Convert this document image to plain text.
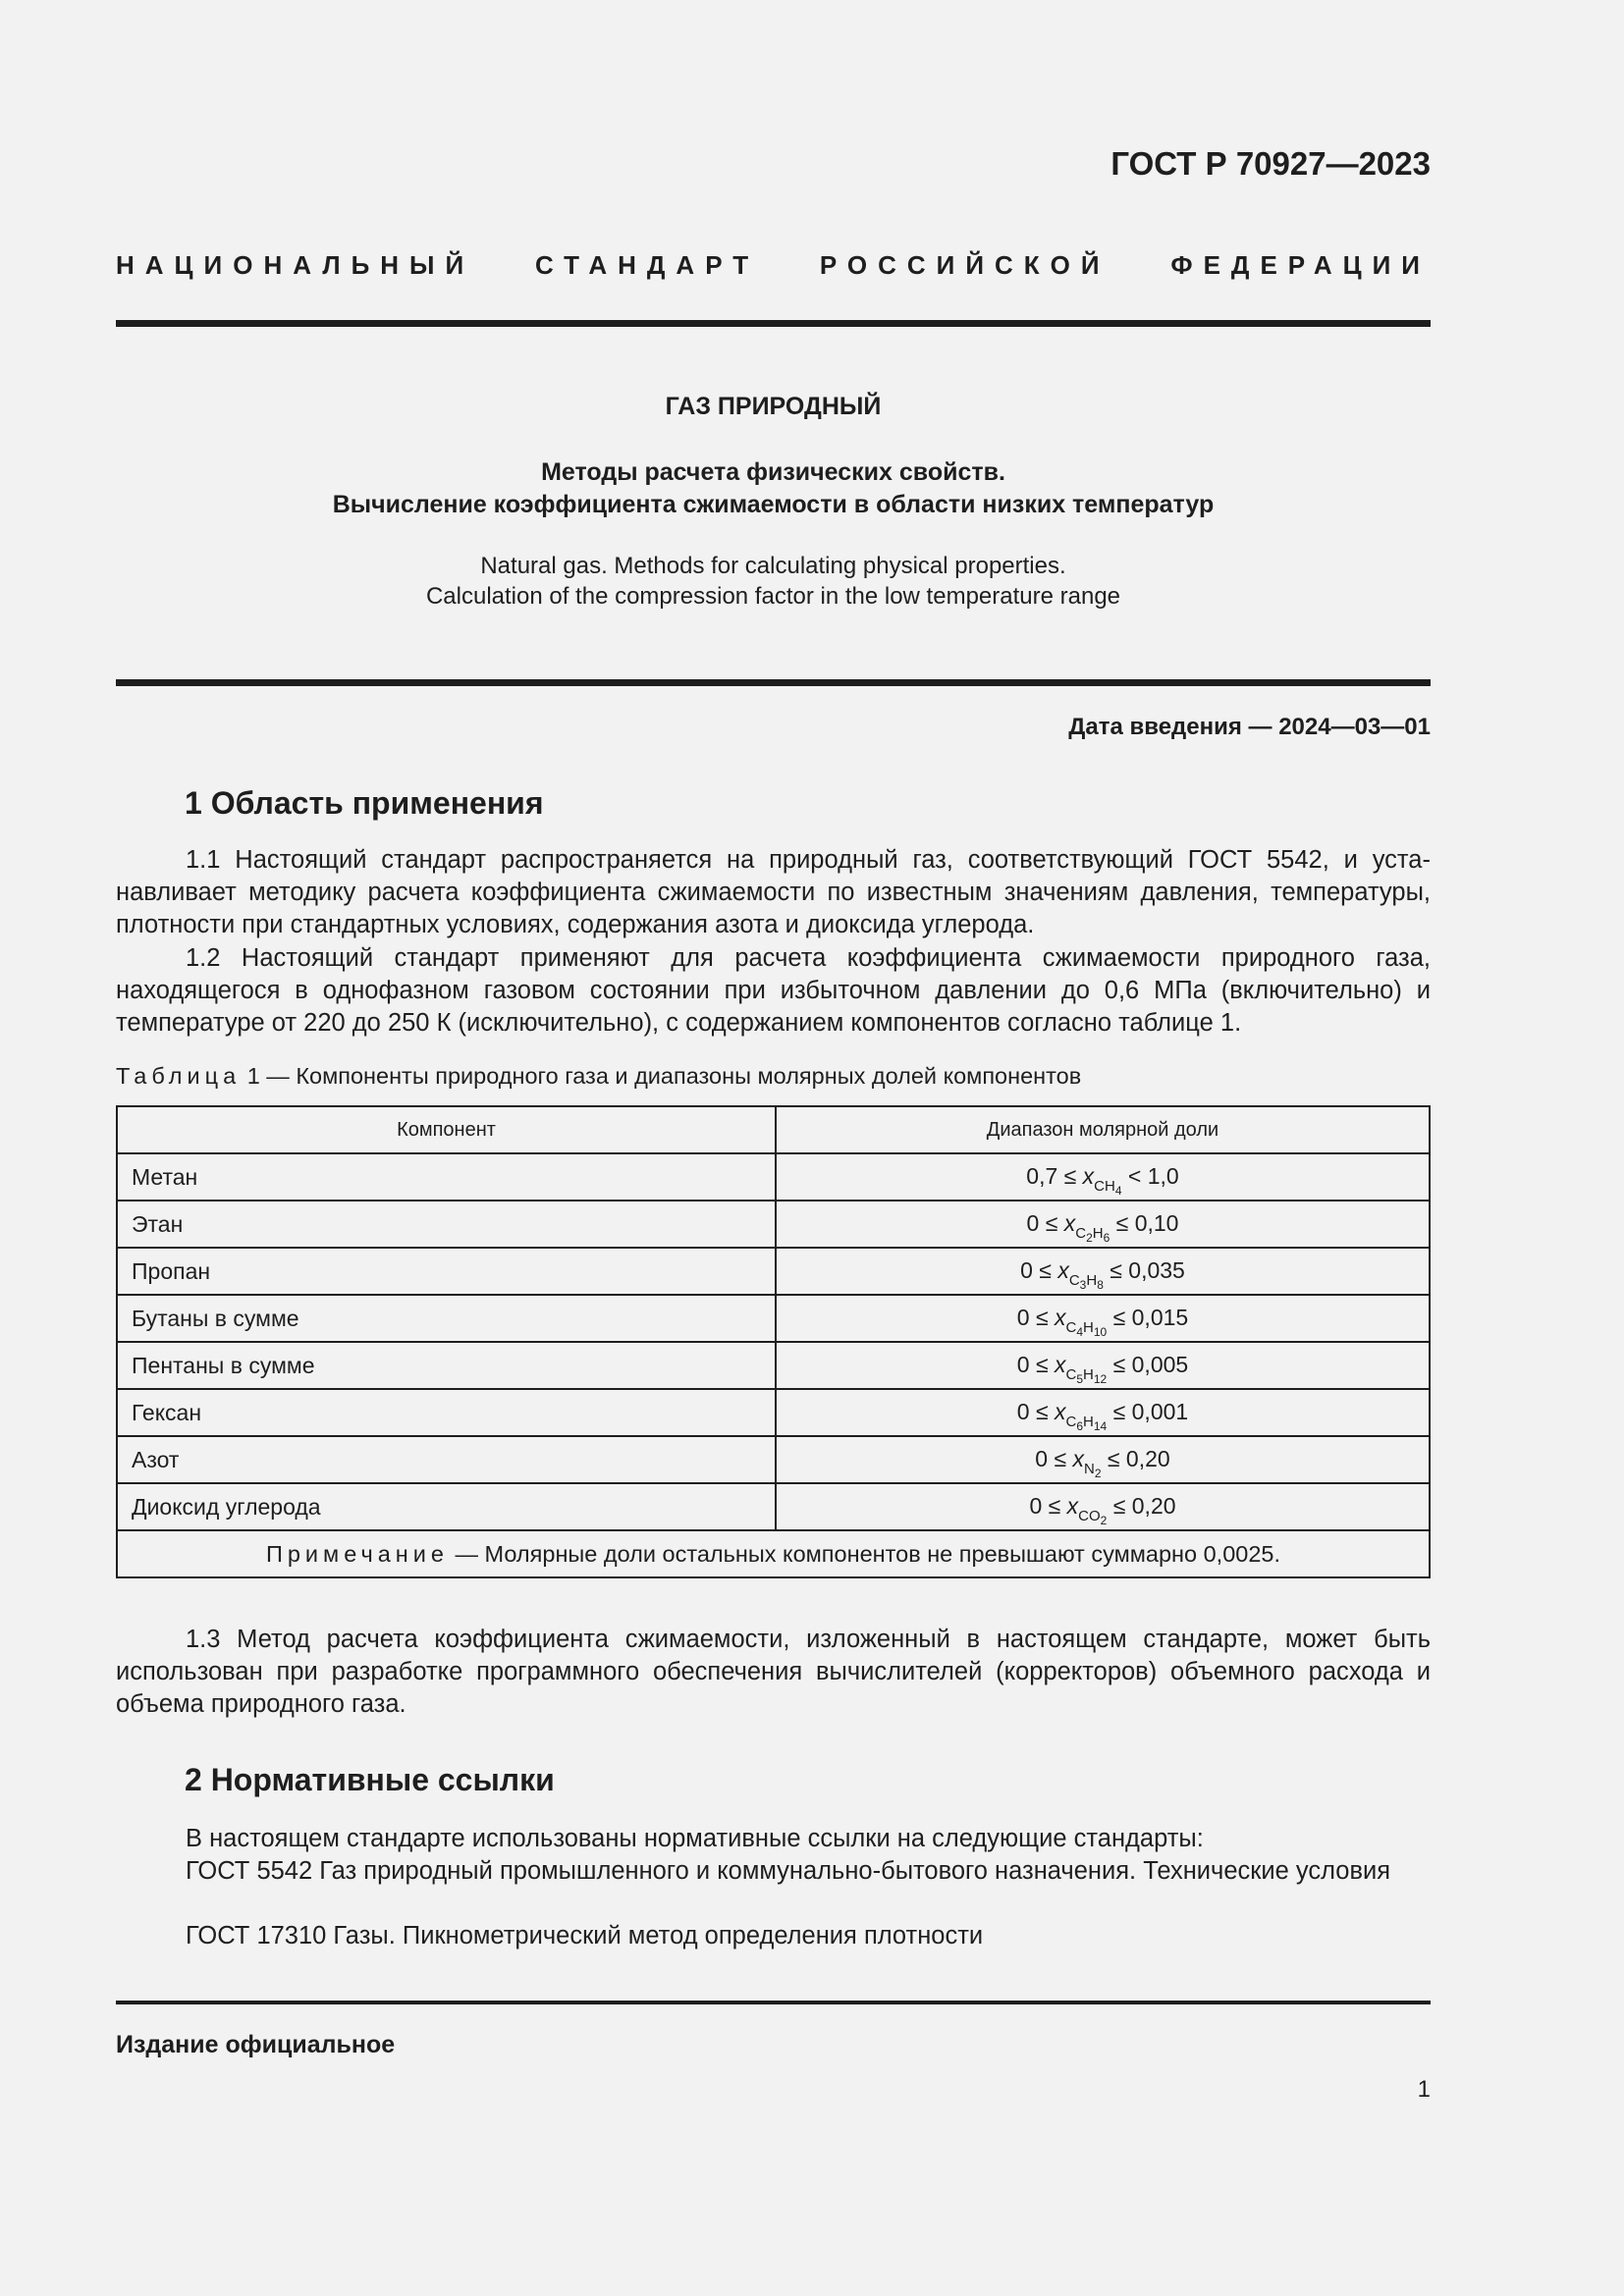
ГОСТ Р 70927—2023
НАЦИОНАЛЬНЫЙ СТАНДАРТ РОССИЙСКОЙ ФЕДЕРАЦИИ
ГАЗ ПРИРОДНЫЙ
Методы расчета физических свойств.
Вычисление коэффициента сжимаемости в области низких температур
Natural gas. Methods for calculating physical properties.
Calculation of the compression factor in the low temperature range
Дата введения — 2024—03—01
1 Область применения
1.1 Настоящий стандарт распространяется на природный газ, соответствующий ГОСТ 5542, и устанавливает методику расчета коэффициента сжимаемости по известным значениям давления, температуры, плотности при стандартных условиях, содержания азота и диоксида углерода.
1.2 Настоящий стандарт применяют для расчета коэффициента сжимаемости природного газа, находящегося в однофазном газовом состоянии при избыточном давлении до 0,6 МПа (включительно) и температуре от 220 до 250 К (исключительно), с содержанием компонентов согласно таблице 1.
Таблица 1 — Компоненты природного газа и диапазоны молярных долей компонентов
Компонент	Диапазон молярной доли
Метан	$0,7 \le x_{CH_4} < 1,0$
Этан	$0 \le x_{C_2H_6} \le 0,10$
Пропан	$0 \le x_{C_3H_8} \le 0,035$
Бутаны в сумме	$0 \le x_{C_4H_{10}} \le 0,015$
Пентаны в сумме	$0 \le x_{C_5H_{12}} \le 0,005$
Гексан	$0 \le x_{C_6H_{14}} \le 0,001$
Азот	$0 \le x_{N_2} \le 0,20$
Диоксид углерода	$0 \le x_{CO_2} \le 0,20$
Примечание — Молярные доли остальных компонентов не превышают суммарно 0,0025.	
1.3 Метод расчета коэффициента сжимаемости, изложенный в настоящем стандарте, может быть использован при разработке программного обеспечения вычислителей (корректоров) объемного расхода и объема природного газа.
2 Нормативные ссылки
В настоящем стандарте использованы нормативные ссылки на следующие стандарты:
ГОСТ 5542 Газ природный промышленного и коммунально-бытового назначения. Технические условия
ГОСТ 17310 Газы. Пикнометрический метод определения плотности
Издание официальное
1
